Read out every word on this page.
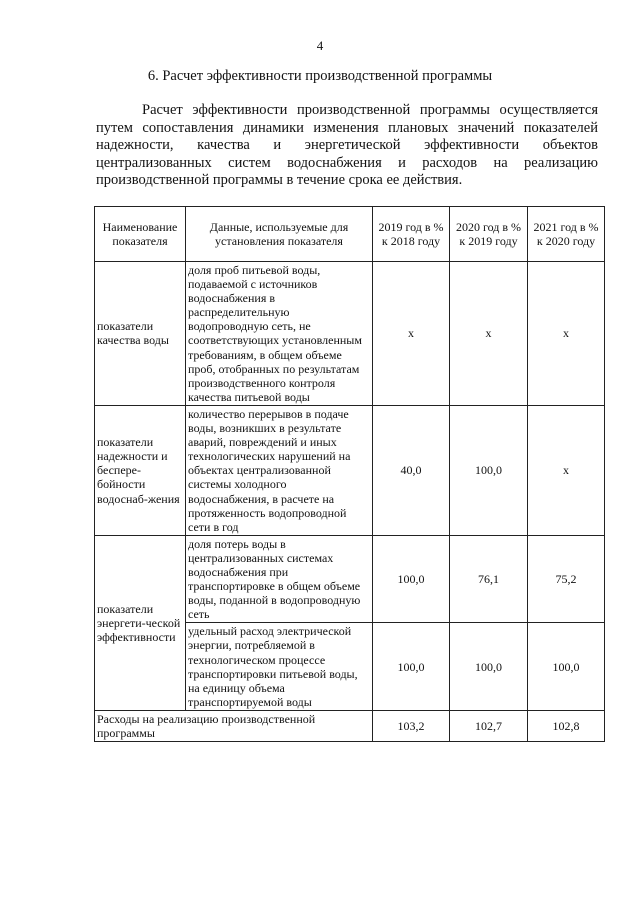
4
6. Расчет эффективности производственной программы

Расчет эффективности производственной программы осуществляется путем сопоставления динамики изменения плановых значений показателей надежности, качества и энергетической эффективности объектов централизованных систем водоснабжения и расходов на реализацию производственной программы в течение срока ее действия.

Наименование показателя	Данные, используемые для установления показателя	2019 год в % к 2018 году	2020 год в % к 2019 году	2021 год в % к 2020 году
показатели качества воды	доля проб питьевой воды, подаваемой с источников водоснабжения в распределительную водопроводную сеть, не соответствующих установленным требованиям, в общем объеме проб, отобранных по результатам производственного контроля качества питьевой воды	x	x	x
показатели надежности и беспере-бойности водоснаб-жения	количество перерывов в подаче воды, возникших в результате аварий, повреждений и иных технологических нарушений на объектах централизованной системы холодного водоснабжения, в расчете на протяженность водопроводной сети в год	40,0	100,0	x
показатели энергети-ческой эффективности	доля потерь воды в централизованных системах водоснабжения при транспортировке в общем объеме воды, поданной в водопроводную сеть	100,0	76,1	75,2
	удельный расход электрической энергии, потребляемой в технологическом процессе транспортировки питьевой воды, на единицу объема транспортируемой воды	100,0	100,0	100,0
Расходы на реализацию производственной программы		103,2	102,7	102,8
